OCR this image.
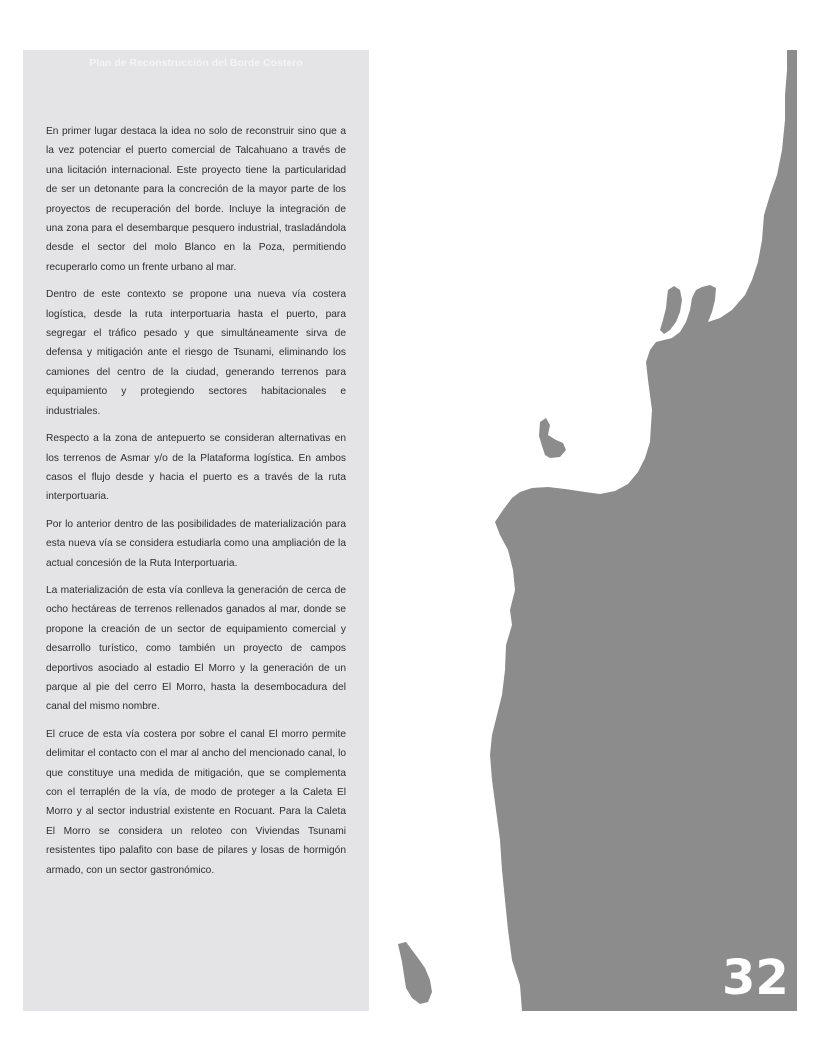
Plan de Reconstrucción del Borde Costero

En primer lugar destaca la idea no solo de reconstruir sino que a la vez potenciar el puerto comercial de Talcahuano a través de una licitación internacional. Este proyecto tiene la particularidad de ser un detonante para la concreción de la mayor parte de los proyectos de recuperación del borde. Incluye la integración de una zona para el desembarque pesquero industrial, trasladándola desde el sector del molo Blanco en la Poza, permitiendo recuperarlo como un frente urbano al mar.

Dentro de este contexto se propone una nueva vía costera logística, desde la ruta interportuaria hasta el puerto, para segregar el tráfico pesado y que simultáneamente sirva de defensa y mitigación ante el riesgo de Tsunami, eliminando los camiones del centro de la ciudad, generando terrenos para equipamiento y protegiendo sectores habitacionales e industriales.

Respecto a la zona de antepuerto se consideran alternativas en los terrenos de Asmar y/o de la Plataforma logística. En ambos casos el flujo desde y hacia el puerto es a través de la ruta interportuaria.

Por lo anterior dentro de las posibilidades de materialización para esta nueva vía se considera estudiarla como una ampliación de la actual concesión de la Ruta Interportuaria.

La materialización de esta vía conlleva la generación de cerca de ocho hectáreas de terrenos rellenados ganados al mar, donde se propone la creación de un sector de equipamiento comercial y desarrollo turístico, como también un proyecto de campos deportivos asociado al estadio El Morro y la generación de un parque al pie del cerro El Morro, hasta la desembocadura del canal del mismo nombre.

El cruce de esta vía costera por sobre el canal El morro permite delimitar el contacto con el mar al ancho del mencionado canal, lo que constituye una medida de mitigación, que se complementa con el terraplén de la vía, de modo de proteger a la Caleta El Morro y al sector industrial existente en Rocuant. Para la Caleta El Morro se considera un reloteo con Viviendas Tsunami resistentes tipo palafito con base de pilares y losas de hormigón armado, con un sector gastronómico.

PRBC18
32
